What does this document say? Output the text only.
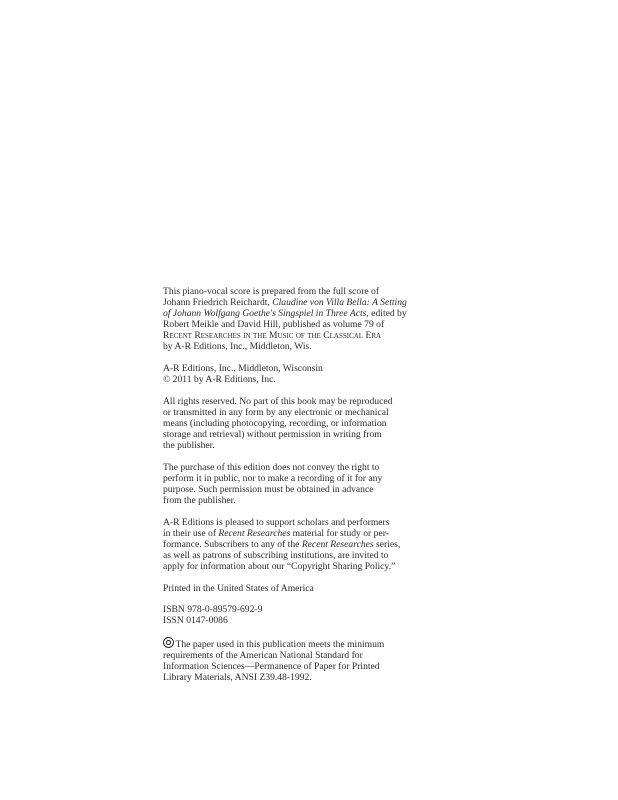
This piano-vocal score is prepared from the full score of
Johann Friedrich Reichardt, Claudine von Villa Bella: A Setting
of Johann Wolfgang Goethe's Singspiel in Three Acts, edited by
Robert Meikle and David Hill, published as volume 79 of
Recent Researches in the Music of the Classical Era
by A-R Editions, Inc., Middleton, Wis.

A-R Editions, Inc., Middleton, Wisconsin
© 2011 by A-R Editions, Inc.

All rights reserved. No part of this book may be reproduced
or transmitted in any form by any electronic or mechanical
means (including photocopying, recording, or information
storage and retrieval) without permission in writing from
the publisher.

The purchase of this edition does not convey the right to
perform it in public, nor to make a recording of it for any
purpose. Such permission must be obtained in advance
from the publisher.

A-R Editions is pleased to support scholars and performers
in their use of Recent Researches material for study or per-
formance. Subscribers to any of the Recent Researches series,
as well as patrons of subscribing institutions, are invited to
apply for information about our “Copyright Sharing Policy.”

Printed in the United States of America

ISBN 978-0-89579-692-9
ISSN 0147-0086

The paper used in this publication meets the minimum
requirements of the American National Standard for
Information Sciences—Permanence of Paper for Printed
Library Materials, ANSI Z39.48-1992.
